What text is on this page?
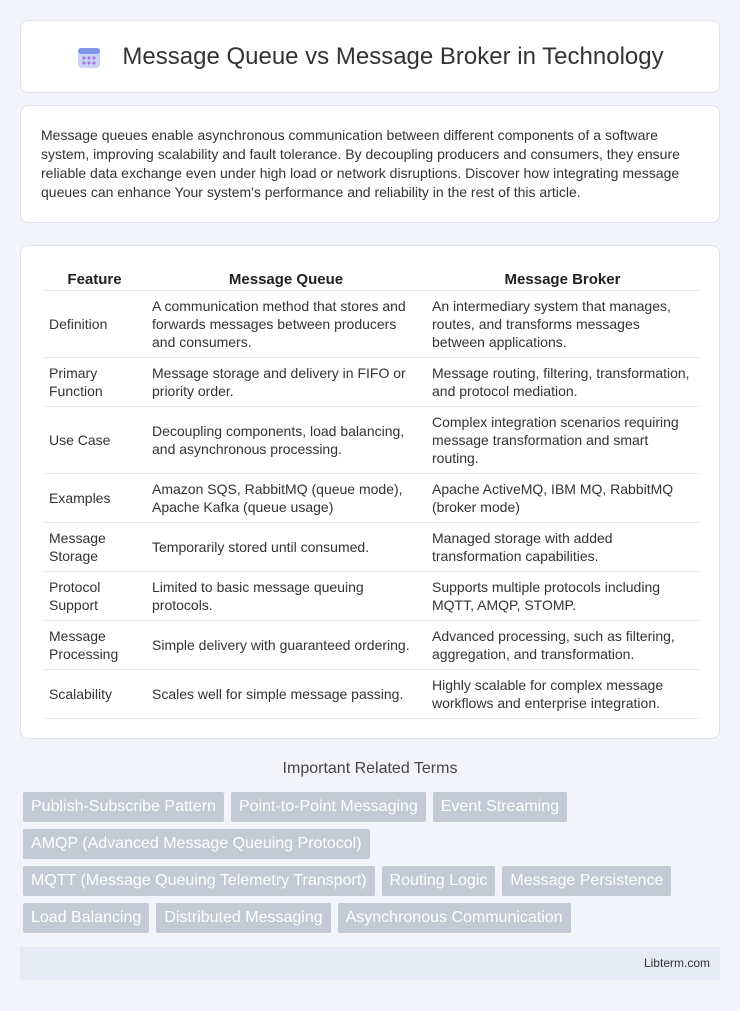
Message Queue vs Message Broker in Technology

Message queues enable asynchronous communication between different components of a software system, improving scalability and fault tolerance. By decoupling producers and consumers, they ensure reliable data exchange even under high load or network disruptions. Discover how integrating message queues can enhance Your system's performance and reliability in the rest of this article.

Feature	Message Queue	Message Broker
Definition	A communication method that stores and forwards messages between producers and consumers.	An intermediary system that manages, routes, and transforms messages between applications.
Primary Function	Message storage and delivery in FIFO or priority order.	Message routing, filtering, transformation, and protocol mediation.
Use Case	Decoupling components, load balancing, and asynchronous processing.	Complex integration scenarios requiring message transformation and smart routing.
Examples	Amazon SQS, RabbitMQ (queue mode), Apache Kafka (queue usage)	Apache ActiveMQ, IBM MQ, RabbitMQ (broker mode)
Message Storage	Temporarily stored until consumed.	Managed storage with added transformation capabilities.
Protocol Support	Limited to basic message queuing protocols.	Supports multiple protocols including MQTT, AMQP, STOMP.
Message Processing	Simple delivery with guaranteed ordering.	Advanced processing, such as filtering, aggregation, and transformation.
Scalability	Scales well for simple message passing.	Highly scalable for complex message workflows and enterprise integration.
Important Related Terms
Publish-Subscribe Pattern	Point-to-Point Messaging	Event Streaming
AMQP (Advanced Message Queuing Protocol)
MQTT (Message Queuing Telemetry Transport)	Routing Logic	Message Persistence
Load Balancing	Distributed Messaging	Asynchronous Communication
Libterm.com
